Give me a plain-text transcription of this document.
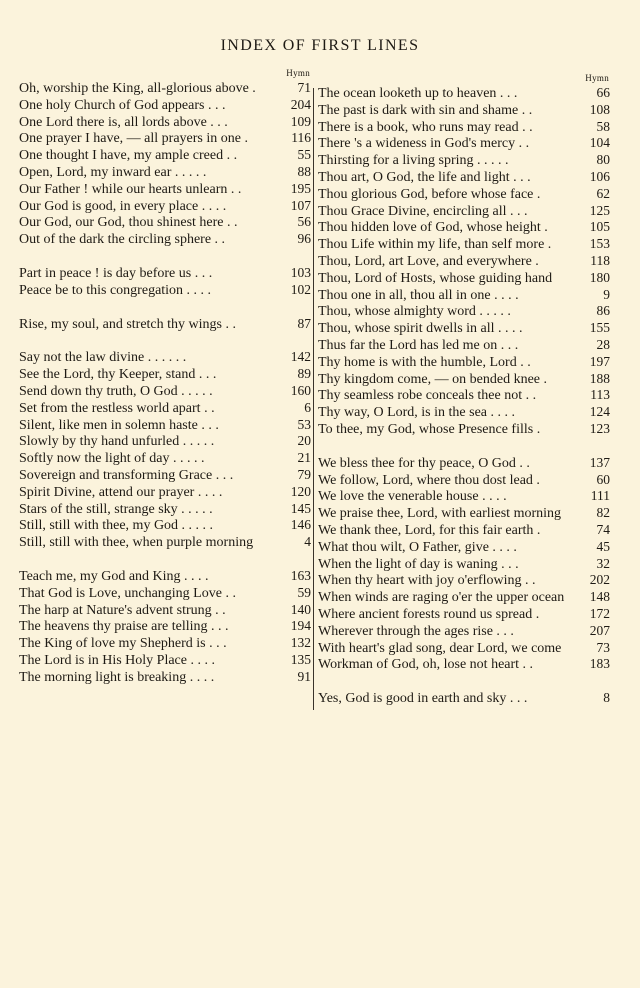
INDEX OF FIRST LINES
Hymn
Oh, worship the King, all-glorious above .	71
One holy Church of God appears . . .	204
One Lord there is, all lords above . . .	109
One prayer I have, — all prayers in one .	116
One thought I have, my ample creed . .	55
Open, Lord, my inward ear . . . . .	88
Our Father ! while our hearts unlearn . .	195
Our God is good, in every place . . . .	107
Our God, our God, thou shinest here . .	56
Out of the dark the circling sphere . .	96
Part in peace ! is day before us . . .	103
Peace be to this congregation . . . .	102
Rise, my soul, and stretch thy wings . .	87
Say not the law divine . . . . . .	142
See the Lord, thy Keeper, stand . . .	89
Send down thy truth, O God . . . . .	160
Set from the restless world apart . .	6
Silent, like men in solemn haste . . .	53
Slowly by thy hand unfurled . . . . .	20
Softly now the light of day . . . . .	21
Sovereign and transforming Grace . . .	79
Spirit Divine, attend our prayer . . . .	120
Stars of the still, strange sky . . . . .	145
Still, still with thee, my God . . . . .	146
Still, still with thee, when purple morning	4
Teach me, my God and King . . . .	163
That God is Love, unchanging Love . .	59
The harp at Nature's advent strung . .	140
The heavens thy praise are telling . . .	194
The King of love my Shepherd is . . .	132
The Lord is in His Holy Place . . . .	135
The morning light is breaking . . . .	91
Hymn
The ocean looketh up to heaven . . .	66
The past is dark with sin and shame . .	108
There is a book, who runs may read . .	58
There 's a wideness in God's mercy . .	104
Thirsting for a living spring . . . . .	80
Thou art, O God, the life and light . . .	106
Thou glorious God, before whose face .	62
Thou Grace Divine, encircling all . . .	125
Thou hidden love of God, whose height .	105
Thou Life within my life, than self more .	153
Thou, Lord, art Love, and everywhere .	118
Thou, Lord of Hosts, whose guiding hand	180
Thou one in all, thou all in one . . . .	9
Thou, whose almighty word . . . . .	86
Thou, whose spirit dwells in all . . . .	155
Thus far the Lord has led me on . . .	28
Thy home is with the humble, Lord . .	197
Thy kingdom come, — on bended knee .	188
Thy seamless robe conceals thee not . .	113
Thy way, O Lord, is in the sea . . . .	124
To thee, my God, whose Presence fills .	123
We bless thee for thy peace, O God . .	137
We follow, Lord, where thou dost lead .	60
We love the venerable house . . . .	111
We praise thee, Lord, with earliest morning	82
We thank thee, Lord, for this fair earth .	74
What thou wilt, O Father, give . . . .	45
When the light of day is waning . . .	32
When thy heart with joy o'erflowing . .	202
When winds are raging o'er the upper ocean	148
Where ancient forests round us spread .	172
Wherever through the ages rise . . .	207
With heart's glad song, dear Lord, we come	73
Workman of God, oh, lose not heart . .	183
Yes, God is good in earth and sky . . .	8
